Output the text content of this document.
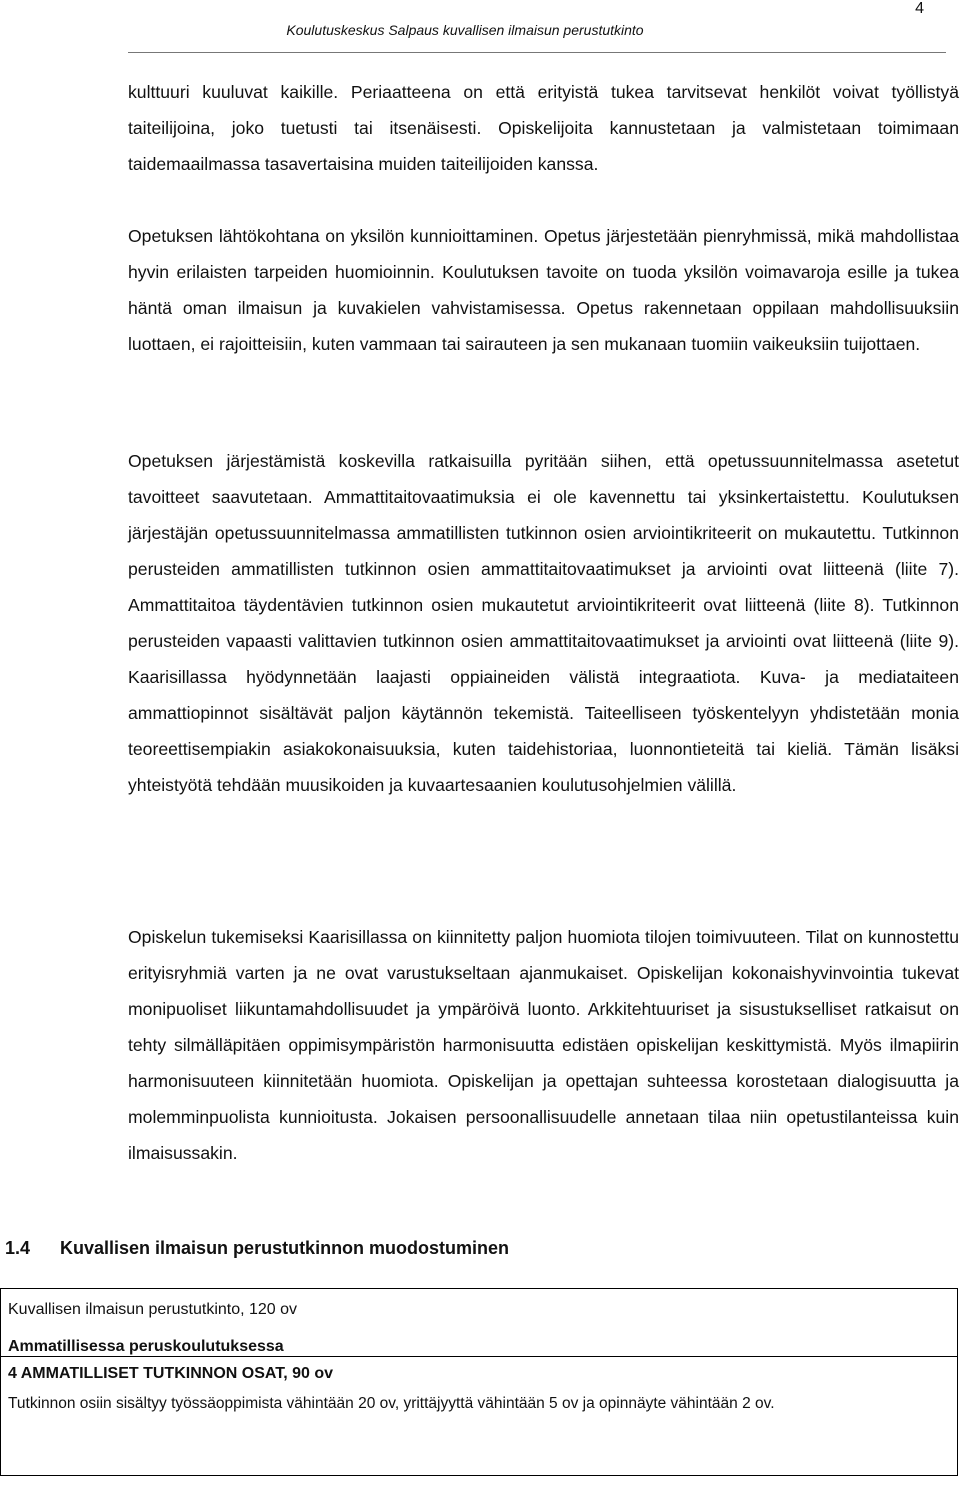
4
Koulutuskeskus Salpaus kuvallisen ilmaisun perustutkinto

kulttuuri kuuluvat kaikille. Periaatteena on että erityistä tukea tarvitsevat henkilöt voivat työllistyä taiteilijoina, joko tuetusti tai itsenäisesti. Opiskelijoita kannustetaan ja valmistetaan toimimaan taidemaailmassa tasavertaisina muiden taiteilijoiden kanssa.

Opetuksen lähtökohtana on yksilön kunnioittaminen. Opetus järjestetään pienryhmissä, mikä mahdollistaa hyvin erilaisten tarpeiden huomioinnin. Koulutuksen tavoite on tuoda yksilön voimavaroja esille ja tukea häntä oman ilmaisun ja kuvakielen vahvistamisessa. Opetus rakennetaan oppilaan mahdollisuuksiin luottaen, ei rajoitteisiin, kuten vammaan tai sairauteen ja sen mukanaan tuomiin vaikeuksiin tuijottaen.

Opetuksen järjestämistä koskevilla ratkaisuilla pyritään siihen, että opetussuunnitelmassa asetetut tavoitteet saavutetaan. Ammattitaitovaatimuksia ei ole kavennettu tai yksinkertaistettu. Koulutuksen järjestäjän opetussuunnitelmassa ammatillisten tutkinnon osien arviointikriteerit on mukautettu. Tutkinnon perusteiden ammatillisten tutkinnon osien ammattitaitovaatimukset ja arviointi ovat liitteenä (liite 7). Ammattitaitoa täydentävien tutkinnon osien mukautetut arviointikriteerit ovat liitteenä (liite 8). Tutkinnon perusteiden vapaasti valittavien tutkinnon osien ammattitaitovaatimukset ja arviointi ovat liitteenä (liite 9). Kaarisillassa hyödynnetään laajasti oppiaineiden välistä integraatiota. Kuva- ja mediataiteen ammattiopinnot sisältävät paljon käytännön tekemistä. Taiteelliseen työskentelyyn yhdistetään monia teoreettisempiakin asiakokonaisuuksia, kuten taidehistoriaa, luonnontieteitä tai kieliä. Tämän lisäksi yhteistyötä tehdään muusikoiden ja kuvaartesaanien koulutusohjelmien välillä.

Opiskelun tukemiseksi Kaarisillassa on kiinnitetty paljon huomiota tilojen toimivuuteen. Tilat on kunnostettu erityisryhmiä varten ja ne ovat varustukseltaan ajanmukaiset. Opiskelijan kokonaishyvinvointia tukevat monipuoliset liikuntamahdollisuudet ja ympäröivä luonto. Arkkitehtuuriset ja sisustukselliset ratkaisut on tehty silmälläpitäen oppimisympäristön harmonisuutta edistäen opiskelijan keskittymistä. Myös ilmapiirin harmonisuuteen kiinnitetään huomiota. Opiskelijan ja opettajan suhteessa korostetaan dialogisuutta ja molemminpuolista kunnioitusta. Jokaisen persoonallisuudelle annetaan tilaa niin opetustilanteissa kuin ilmaisussakin.

1.4 Kuvallisen ilmaisun perustutkinnon muodostuminen
Kuvallisen ilmaisun perustutkinto, 120 ov
Ammatillisessa peruskoulutuksessa

4 AMMATILLISET TUTKINNON OSAT, 90 ov
Tutkinnon osiin sisältyy työssäoppimista vähintään 20 ov, yrittäjyyttä vähintään 5 ov ja opinnäyte vähintään 2 ov.
